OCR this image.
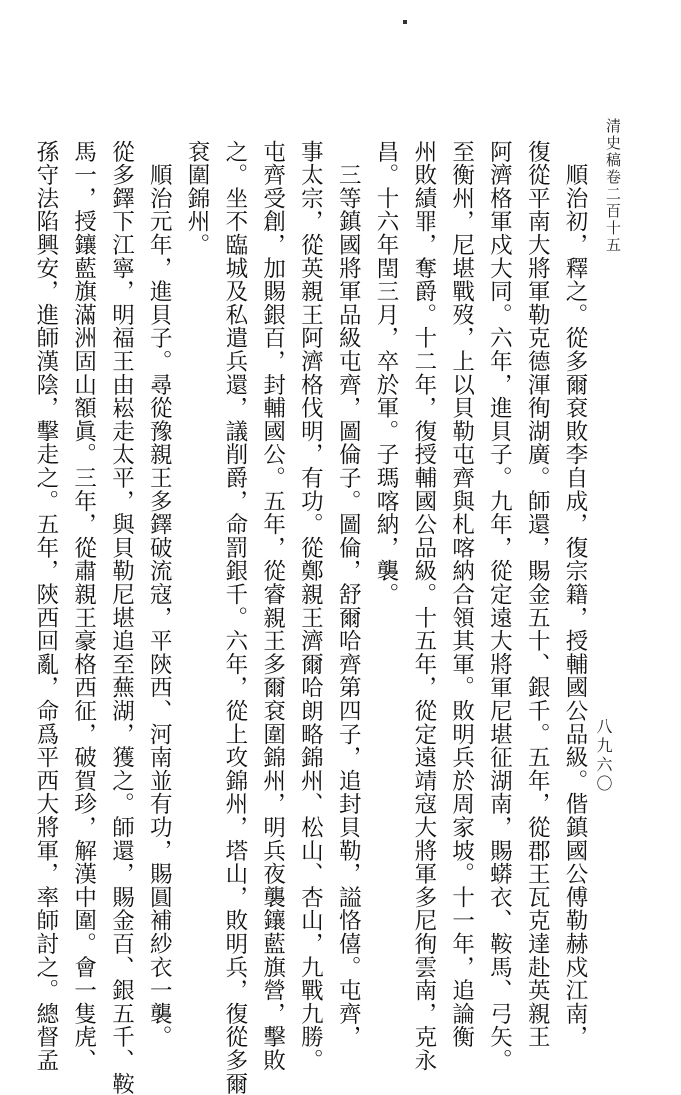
清史稿卷二百十五
八九六〇
　順治初，釋之。從多爾袞敗李自成，復宗籍，授輔國公品級。偕鎮國公傅勒赫戍江南，
復從平南大將軍勒克德渾徇湖廣。師還，賜金五十、銀千。五年，從郡王瓦克達赴英親王
阿濟格軍戍大同。六年，進貝子。九年，從定遠大將軍尼堪征湖南，賜蟒衣、鞍馬、弓矢。
至衡州，尼堪戰歿，上以貝勒屯齊與札喀納合領其軍。敗明兵於周家坡。十一年，追論衡
州敗績罪，奪爵。十二年，復授輔國公品級。十五年，從定遠靖寇大將軍多尼徇雲南，克永
昌。十六年閏三月，卒於軍。子瑪喀納，襲。
　三等鎮國將軍品級屯齊，圖倫子。圖倫，舒爾哈齊第四子，追封貝勒，謚恪僖。屯齊，
事太宗，從英親王阿濟格伐明，有功。從鄭親王濟爾哈朗略錦州、松山、杏山，九戰九勝。
屯齊受創，加賜銀百，封輔國公。五年，從睿親王多爾袞圍錦州，明兵夜襲鑲藍旗營，擊敗
之。坐不臨城及私遣兵還，議削爵，命罰銀千。六年，從上攻錦州，塔山，敗明兵，復從多爾
袞圍錦州。
　順治元年，進貝子。尋從豫親王多鐸破流寇，平陝西、河南並有功，賜圓補紗衣一襲。
從多鐸下江寧，明福王由崧走太平，與貝勒尼堪追至蕪湖，獲之。師還，賜金百、銀五千、鞍
馬一，授鑲藍旗滿洲固山額眞。三年，從肅親王豪格西征，破賀珍，解漢中圍。會一隻虎、
孫守法陷興安，進師漢陰，擊走之。五年，陝西回亂，命爲平西大將軍，率師討之。總督孟
